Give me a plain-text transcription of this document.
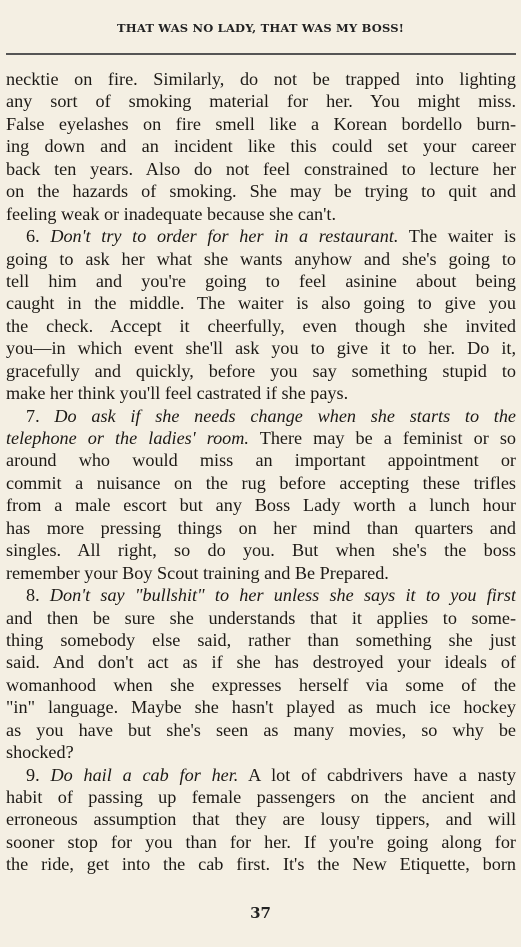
THAT WAS NO LADY, THAT WAS MY BOSS!
necktie on fire. Similarly, do not be trapped into lighting
any sort of smoking material for her. You might miss.
False eyelashes on fire smell like a Korean bordello burn-
ing down and an incident like this could set your career
back ten years. Also do not feel constrained to lecture her
on the hazards of smoking. She may be trying to quit and
feeling weak or inadequate because she can't.
6. Don't try to order for her in a restaurant. The waiter is
going to ask her what she wants anyhow and she's going to
tell him and you're going to feel asinine about being
caught in the middle. The waiter is also going to give you
the check. Accept it cheerfully, even though she invited
you—in which event she'll ask you to give it to her. Do it,
gracefully and quickly, before you say something stupid to
make her think you'll feel castrated if she pays.
7. Do ask if she needs change when she starts to the
telephone or the ladies' room. There may be a feminist or so
around who would miss an important appointment or
commit a nuisance on the rug before accepting these trifles
from a male escort but any Boss Lady worth a lunch hour
has more pressing things on her mind than quarters and
singles. All right, so do you. But when she's the boss
remember your Boy Scout training and Be Prepared.
8. Don't say "bullshit" to her unless she says it to you first
and then be sure she understands that it applies to some-
thing somebody else said, rather than something she just
said. And don't act as if she has destroyed your ideals of
womanhood when she expresses herself via some of the
"in" language. Maybe she hasn't played as much ice hockey
as you have but she's seen as many movies, so why be
shocked?
9. Do hail a cab for her. A lot of cabdrivers have a nasty
habit of passing up female passengers on the ancient and
erroneous assumption that they are lousy tippers, and will
sooner stop for you than for her. If you're going along for
the ride, get into the cab first. It's the New Etiquette, born
37
